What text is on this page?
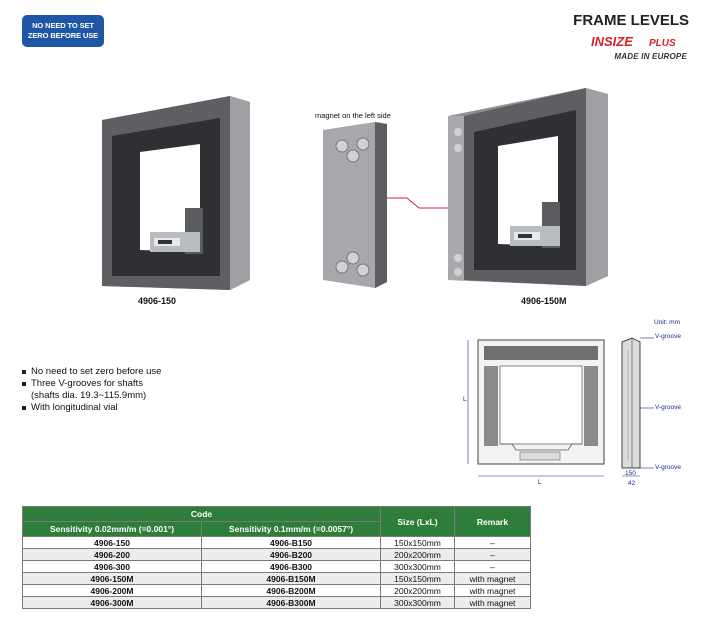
NO NEED TO SET
ZERO BEFORE USE
FRAME LEVELS
INSIZE PLUS
MADE IN EUROPE
4906-150
magnet on the left side
4906-150M
Unit: mm
V-groove
V-groove
V-groove
L
L
150
42
No need to set zero before use
Three V-grooves for shafts
(shafts dia. 19.3~115.9mm)
With longitudinal vial
Code		Size (LxL)	Remark
Sensitivity 0.02mm/m (=0.001°)	Sensitivity 0.1mm/m (=0.0057°)		
4906-150	4906-B150	150x150mm	–
4906-200	4906-B200	200x200mm	–
4906-300	4906-B300	300x300mm	–
4906-150M	4906-B150M	150x150mm	with magnet
4906-200M	4906-B200M	200x200mm	with magnet
4906-300M	4906-B300M	300x300mm	with magnet
